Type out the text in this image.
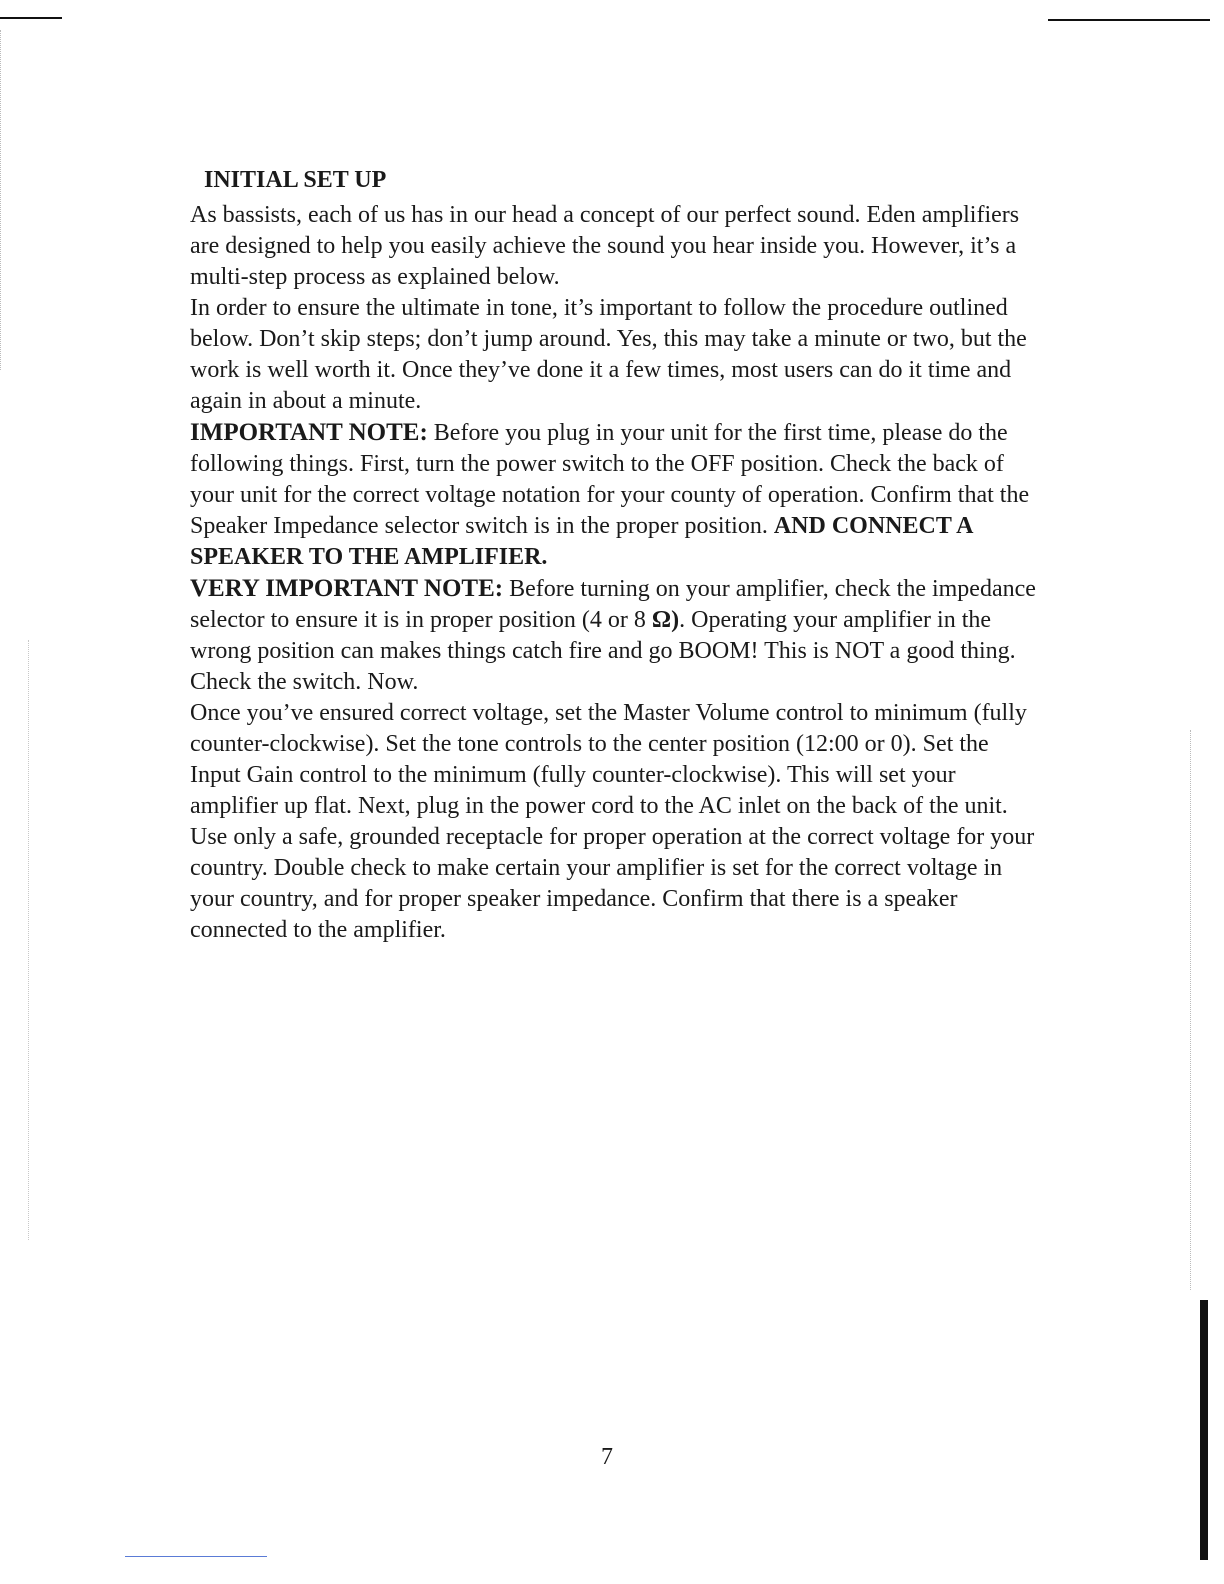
INITIAL SET UP

As bassists, each of us has in our head a concept of our perfect sound. Eden amplifiers are designed to help you easily achieve the sound you hear inside you. However, it’s a multi-step process as explained below.

In order to ensure the ultimate in tone, it’s important to follow the procedure outlined below. Don’t skip steps; don’t jump around. Yes, this may take a minute or two, but the work is well worth it. Once they’ve done it a few times, most users can do it time and again in about a minute.

IMPORTANT NOTE: Before you plug in your unit for the first time, please do the following things. First, turn the power switch to the OFF position. Check the back of your unit for the correct voltage notation for your county of operation. Confirm that the Speaker Impedance selector switch is in the proper position. AND CONNECT A SPEAKER TO THE AMPLIFIER.

VERY IMPORTANT NOTE: Before turning on your amplifier, check the impedance selector to ensure it is in proper position (4 or 8 Ω). Operating your amplifier in the wrong position can makes things catch fire and go BOOM! This is NOT a good thing. Check the switch. Now.

Once you’ve ensured correct voltage, set the Master Volume control to minimum (fully counter-clockwise). Set the tone controls to the center position (12:00 or 0). Set the Input Gain control to the minimum (fully counter-clockwise). This will set your amplifier up flat. Next, plug in the power cord to the AC inlet on the back of the unit. Use only a safe, grounded receptacle for proper operation at the correct voltage for your country. Double check to make certain your amplifier is set for the correct voltage in your country, and for proper speaker impedance. Confirm that there is a speaker connected to the amplifier.

7
